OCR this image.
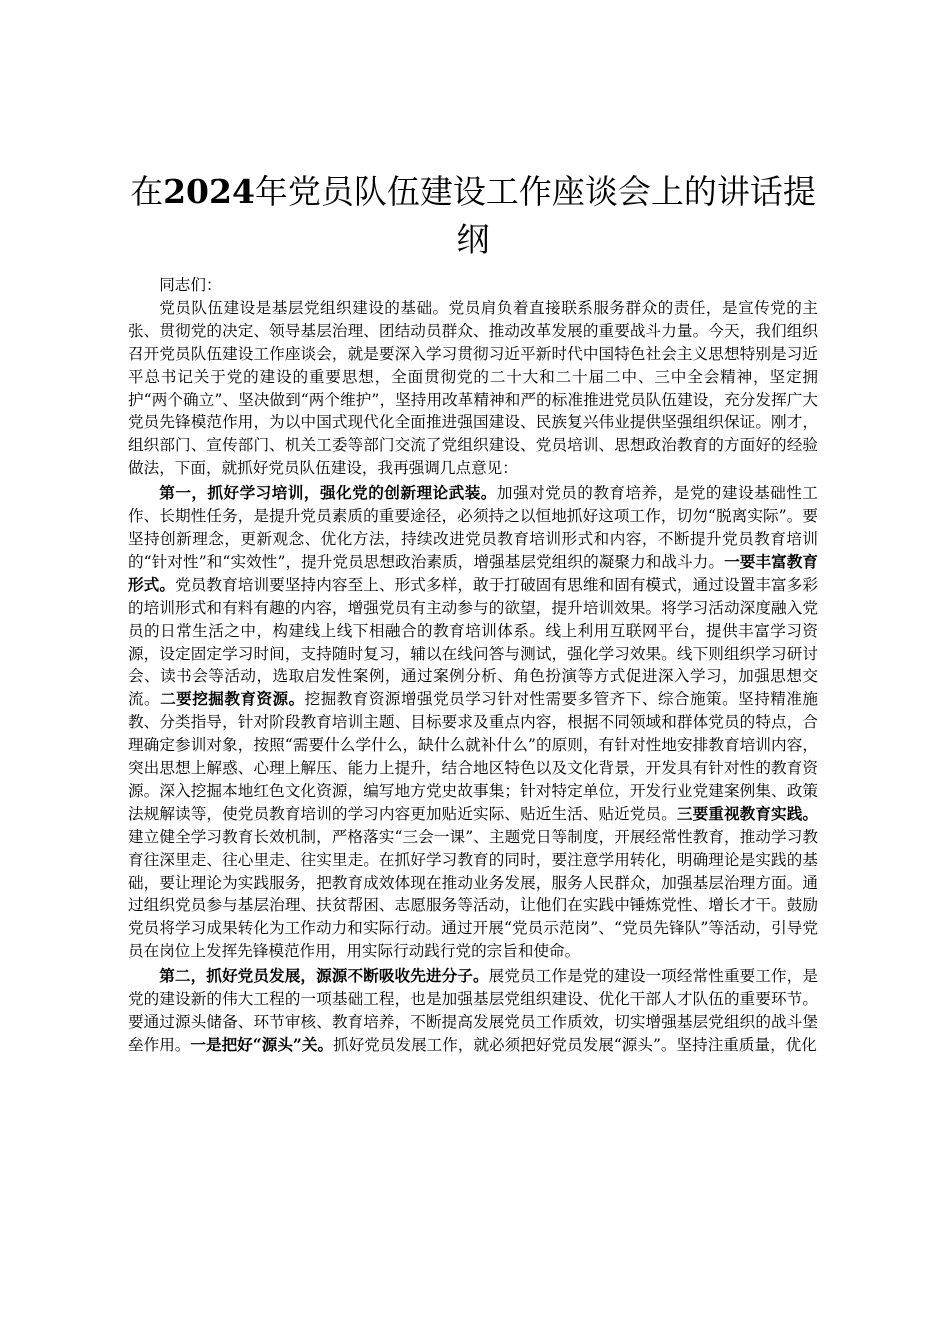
在2024年党员队伍建设工作座谈会上的讲话提纲

同志们：

党员队伍建设是基层党组织建设的基础。党员肩负着直接联系服务群众的责任，是宣传党的主张、贯彻党的决定、领导基层治理、团结动员群众、推动改革发展的重要战斗力量。今天，我们组织召开党员队伍建设工作座谈会，就是要深入学习贯彻习近平新时代中国特色社会主义思想特别是习近平总书记关于党的建设的重要思想，全面贯彻党的二十大和二十届二中、三中全会精神，坚定拥护“两个确立”、坚决做到“两个维护”，坚持用改革精神和严的标准推进党员队伍建设，充分发挥广大党员先锋模范作用，为以中国式现代化全面推进强国建设、民族复兴伟业提供坚强组织保证。刚才，组织部门、宣传部门、机关工委等部门交流了党组织建设、党员培训、思想政治教育的方面好的经验做法，下面，就抓好党员队伍建设，我再强调几点意见：

第一，抓好学习培训，强化党的创新理论武装。加强对党员的教育培养，是党的建设基础性工作、长期性任务，是提升党员素质的重要途径，必须持之以恒地抓好这项工作，切勿“脱离实际”。要坚持创新理念，更新观念、优化方法，持续改进党员教育培训形式和内容，不断提升党员教育培训的“针对性”和“实效性”，提升党员思想政治素质，增强基层党组织的凝聚力和战斗力。一要丰富教育形式。党员教育培训要坚持内容至上、形式多样，敢于打破固有思维和固有模式，通过设置丰富多彩的培训形式和有料有趣的内容，增强党员有主动参与的欲望，提升培训效果。将学习活动深度融入党员的日常生活之中，构建线上线下相融合的教育培训体系。线上利用互联网平台，提供丰富学习资源，设定固定学习时间，支持随时复习，辅以在线问答与测试，强化学习效果。线下则组织学习研讨会、读书会等活动，选取启发性案例，通过案例分析、角色扮演等方式促进深入学习，加强思想交流。二要挖掘教育资源。挖掘教育资源增强党员学习针对性需要多管齐下、综合施策。坚持精准施教、分类指导，针对阶段教育培训主题、目标要求及重点内容，根据不同领域和群体党员的特点，合理确定参训对象，按照“需要什么学什么，缺什么就补什么”的原则，有针对性地安排教育培训内容，突出思想上解惑、心理上解压、能力上提升，结合地区特色以及文化背景，开发具有针对性的教育资源。深入挖掘本地红色文化资源，编写地方党史故事集；针对特定单位，开发行业党建案例集、政策法规解读等，使党员教育培训的学习内容更加贴近实际、贴近生活、贴近党员。三要重视教育实践。建立健全学习教育长效机制，严格落实“三会一课”、主题党日等制度，开展经常性教育，推动学习教育往深里走、往心里走、往实里走。在抓好学习教育的同时，要注意学用转化，明确理论是实践的基础，要让理论为实践服务，把教育成效体现在推动业务发展，服务人民群众，加强基层治理方面。通过组织党员参与基层治理、扶贫帮困、志愿服务等活动，让他们在实践中锤炼党性、增长才干。鼓励党员将学习成果转化为工作动力和实际行动。通过开展“党员示范岗”、“党员先锋队”等活动，引导党员在岗位上发挥先锋模范作用，用实际行动践行党的宗旨和使命。

第二，抓好党员发展，源源不断吸收先进分子。展党员工作是党的建设一项经常性重要工作，是党的建设新的伟大工程的一项基础工程，也是加强基层党组织建设、优化干部人才队伍的重要环节。要通过源头储备、环节审核、教育培养，不断提高发展党员工作质效，切实增强基层党组织的战斗堡垒作用。一是把好“源头”关。抓好党员发展工作，就必须把好党员发展“源头”。坚持注重质量，优化
